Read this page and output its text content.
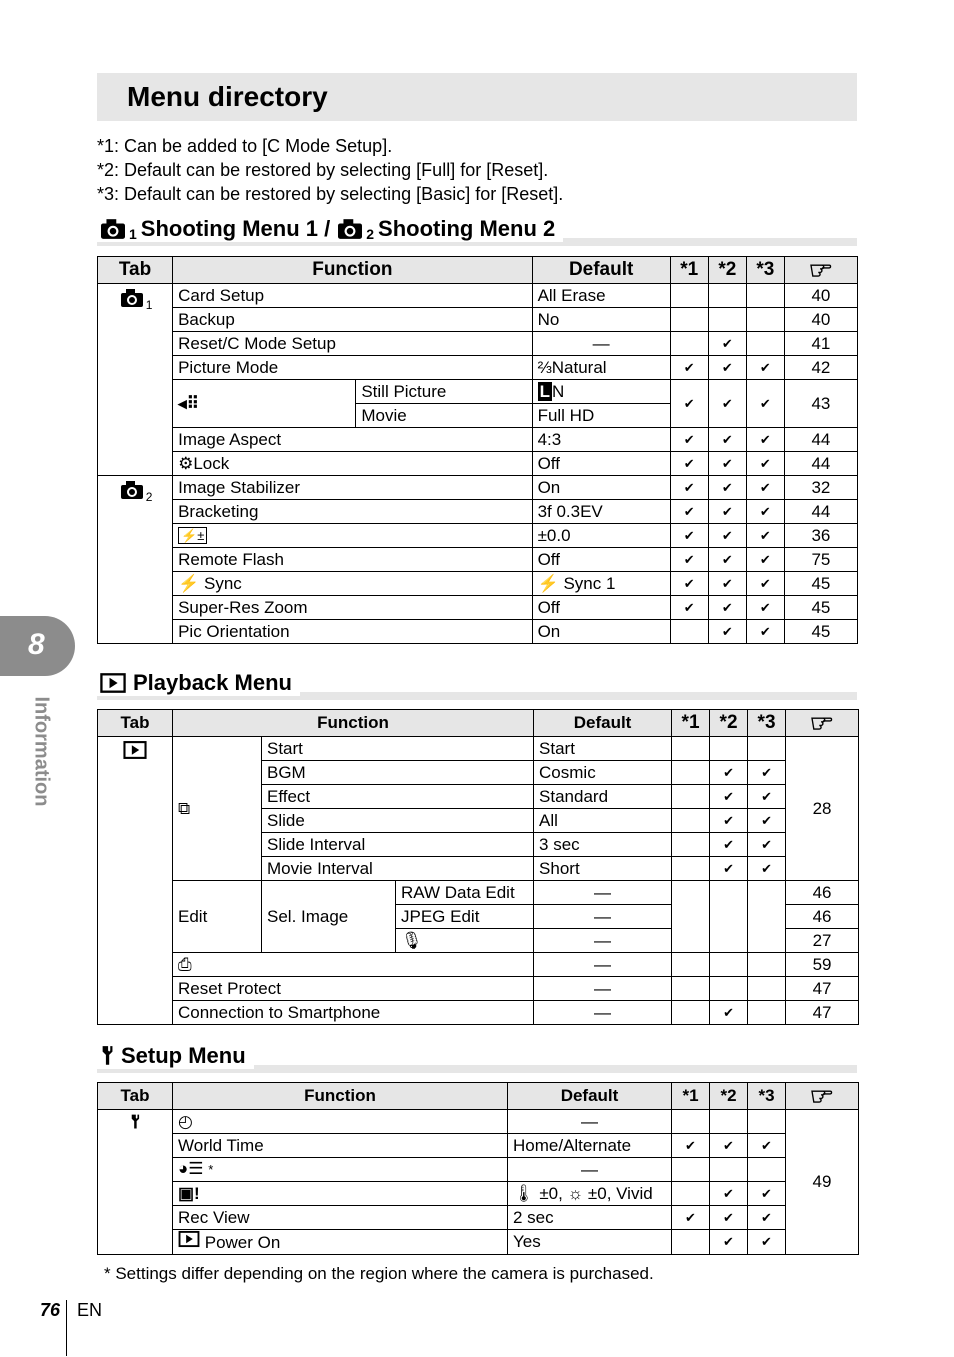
Menu directory
*1: Can be added to [C Mode Setup].
*2: Default can be restored by selecting [Full] for [Reset].
*3: Default can be restored by selecting [Basic] for [Reset].
1 Shooting Menu 1 /	2 Shooting Menu 2
Tab	Function		Default	*1	*2	*3	
1	Card Setup		All Erase				40
	Backup		No				40
	Reset/C Mode Setup		—		✔		41
	Picture Mode		⅔Natural	✔	✔	✔	42
	◂⠿	Still Picture	L N	✔	✔	✔	43
		Movie	Full HD				
	Image Aspect		4:3	✔	✔	✔	44
	⚙Lock		Off	✔	✔	✔	44
2	Image Stabilizer		On	✔	✔	✔	32
	Bracketing		3f 0.3EV	✔	✔	✔	44
	⚡±		±0.0	✔	✔	✔	36
	Remote Flash		Off	✔	✔	✔	75
	⚡ Sync		⚡ Sync 1	✔	✔	✔	45
	Super-Res Zoom		Off	✔	✔	✔	45
	Pic Orientation		On		✔	✔	45
Playback Menu
Tab	Function			Default	*1	*2	*3	
	⧉	Start		Start				28
		BGM		Cosmic		✔	✔	
		Effect		Standard		✔	✔	
		Slide		All		✔	✔	
		Slide Interval		3 sec		✔	✔	
		Movie Interval		Short		✔	✔	
	Edit	Sel. Image	RAW Data Edit	—				46
			JPEG Edit	—				46
			🎙	—				27
	⎙			—				59
	Reset Protect			—				47
	Connection to Smartphone			—		✔		47
Setup Menu
Tab	Function	Default	*1	*2	*3	
	◴	—				49
	World Time	Home/Alternate	✔	✔	✔	
	◕☰ *	—				
	▣!	🌡 ±0, ☼ ±0, Vivid		✔	✔	
	Rec View	2 sec	✔	✔	✔	
	Power On	Yes		✔	✔	
* Settings differ depending on the region where the camera is purchased.
8
Information
76 EN
